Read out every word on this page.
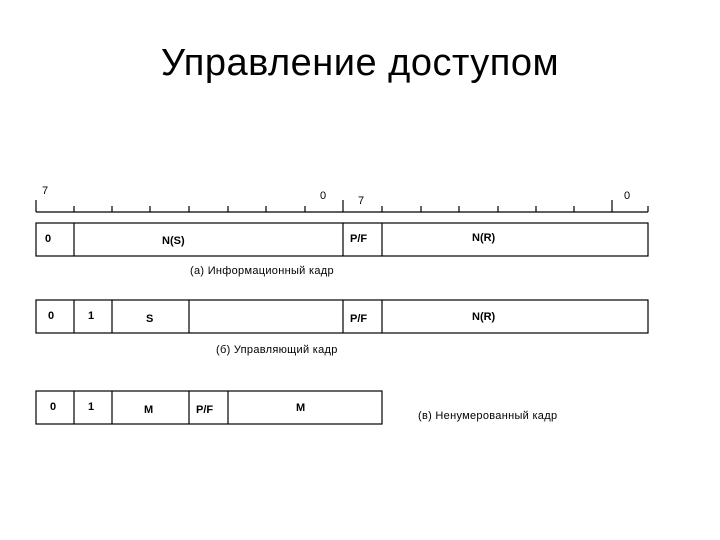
Управление доступом
7	0	7	0
0	N(S)	P/F	N(R)
(а) Информационный кадр
0	1	S	P/F	N(R)
(б) Управляющий кадр
0	1	M	P/F	M
(в) Ненумерованный кадр
